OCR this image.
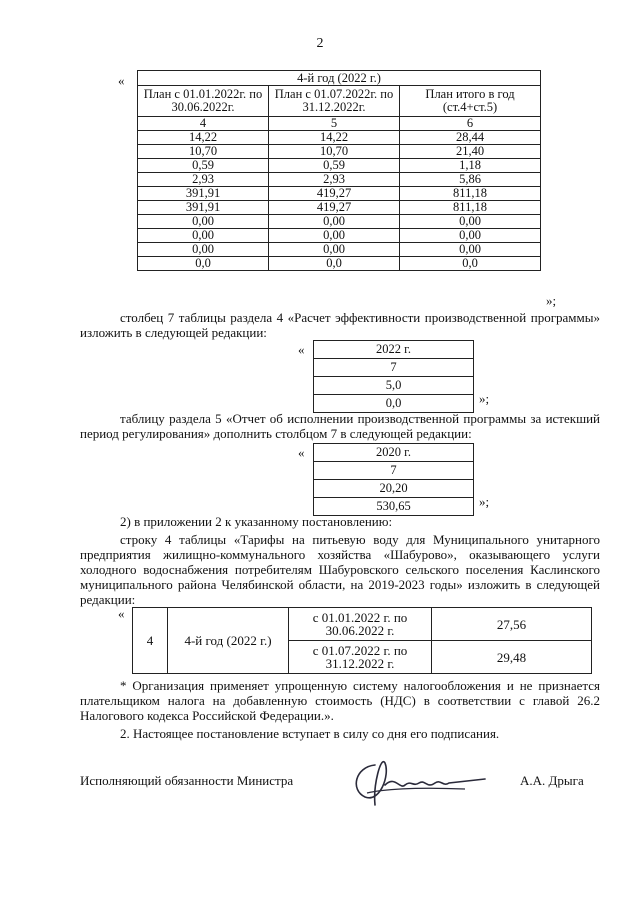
2
«	4-й год (2022 г.)		
План с 01.01.2022г. по 30.06.2022г.	План с 01.07.2022г. по 31.12.2022г.	План итого в год (ст.4+ст.5)
4	5	6
14,22	14,22	28,44
10,70	10,70	21,40
0,59	0,59	1,18
2,93	2,93	5,86
391,91	419,27	811,18
391,91	419,27	811,18
0,00	0,00	0,00
0,00	0,00	0,00
0,00	0,00	0,00
0,0	0,0	0,0
»;
столбец 7 таблицы раздела 4 «Расчет эффективности производственной программы» изложить в следующей редакции:
«	2022 г.
7
5,0
0,0	»;
таблицу раздела 5 «Отчет об исполнении производственной программы за истекший период регулирования» дополнить столбцом 7 в следующей редакции:
«	2020 г.
7
20,20
530,65	»;
2) в приложении 2 к указанному постановлению:
строку 4 таблицы «Тарифы на питьевую воду для Муниципального унитарного предприятия жилищно-коммунального хозяйства «Шабурово», оказывающего услуги холодного водоснабжения потребителям Шабуровского сельского поселения Каслинского муниципального района Челябинской области, на 2019-2023 годы» изложить в следующей редакции:
«
4	4-й год (2022 г.)	с 01.01.2022 г. по 30.06.2022 г.	27,56
		с 01.07.2022 г. по 31.12.2022 г.	29,48
* Организация применяет упрощенную систему налогообложения и не признается плательщиком налога на добавленную стоимость (НДС) в соответствии с главой 26.2 Налогового кодекса Российской Федерации.».
2. Настоящее постановление вступает в силу со дня его подписания.
Исполняющий обязанности Министра	А.А. Дрыга
